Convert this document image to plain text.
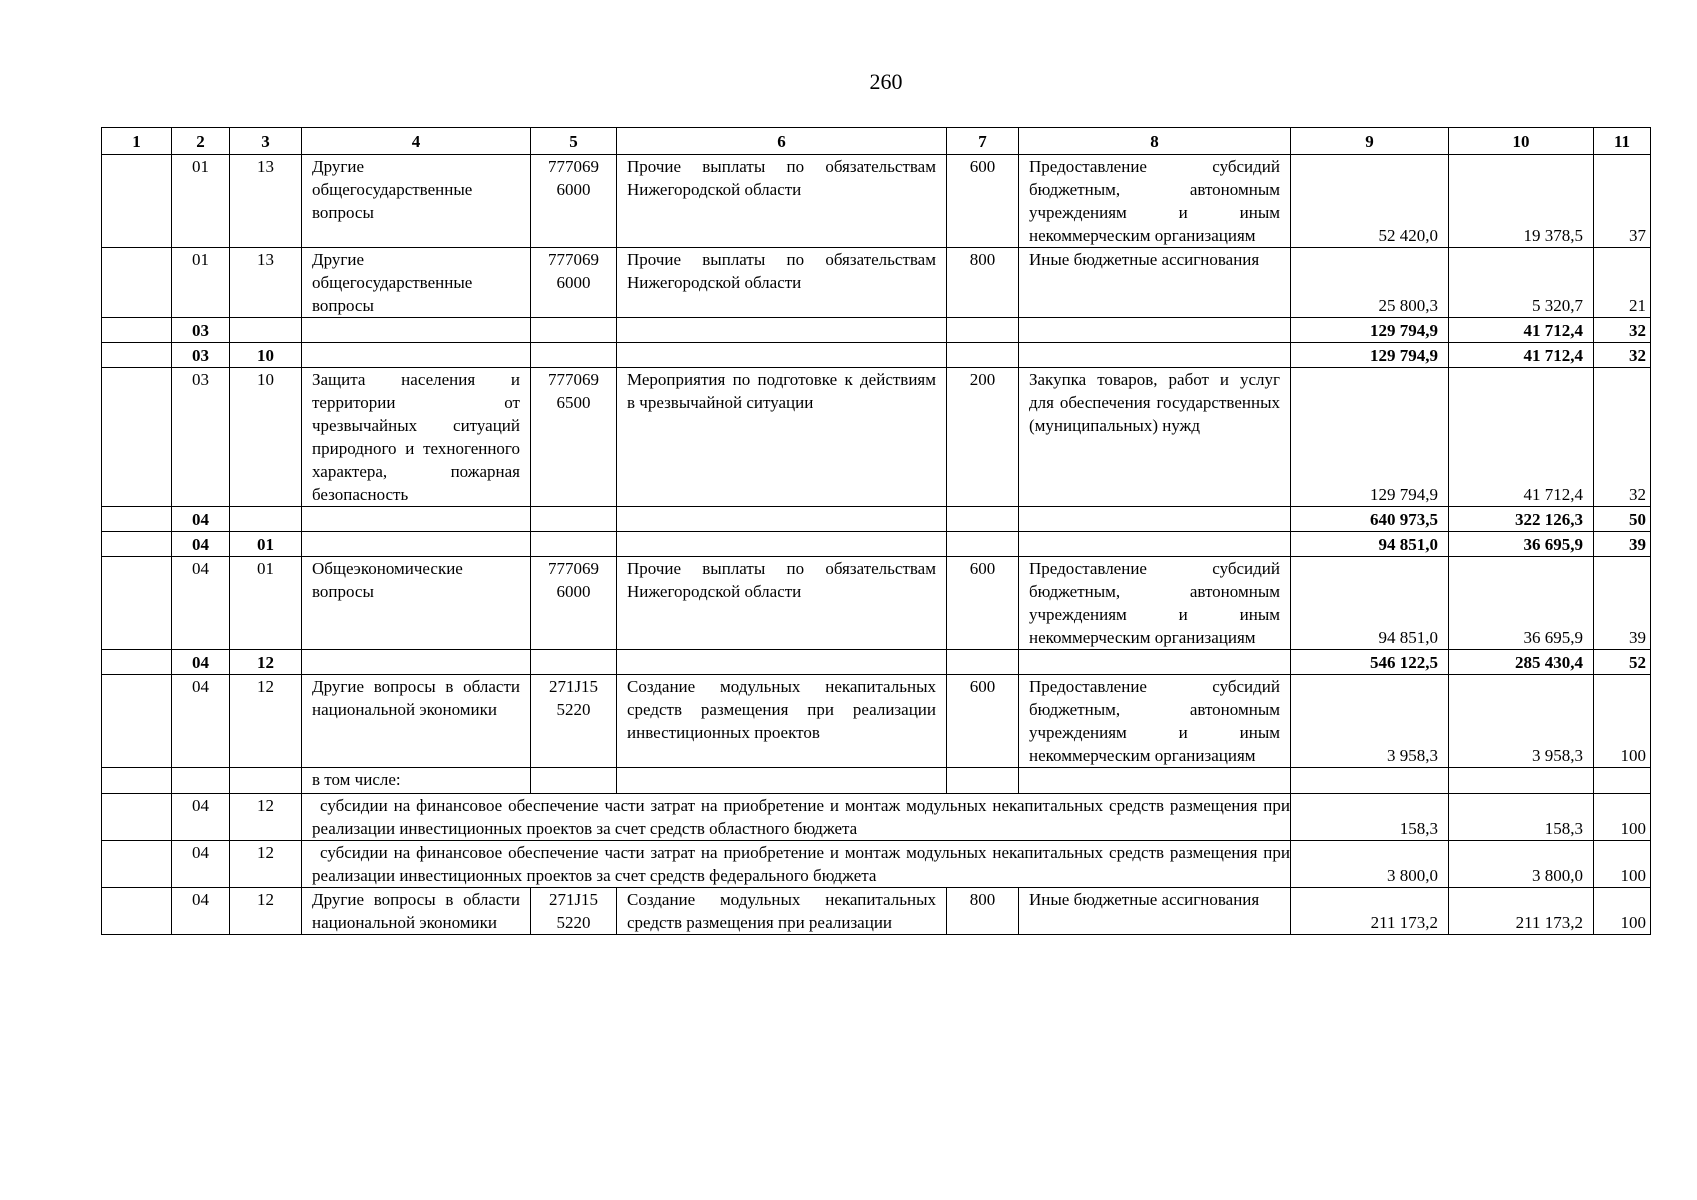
260
1	2	3	4	5	6	7	8	9	10	11
	01	13	Другие общегосударственные вопросы	777069 6000	Прочие выплаты по обязательствам Нижегородской области	600	Предоставление субсидий бюджетным, автономным учреждениям и иным некоммерческим организациям	52 420,0	19 378,5	37
	01	13	Другие общегосударственные вопросы	777069 6000	Прочие выплаты по обязательствам Нижегородской области	800	Иные бюджетные ассигнования	25 800,3	5 320,7	21
	03							129 794,9	41 712,4	32
	03	10						129 794,9	41 712,4	32
	03	10	Защита населения и территории от чрезвычайных ситуаций природного и техногенного характера, пожарная безопасность	777069 6500	Мероприятия по подготовке к действиям в чрезвычайной ситуации	200	Закупка товаров, работ и услуг для обеспечения государственных (муниципальных) нужд	129 794,9	41 712,4	32
	04							640 973,5	322 126,3	50
	04	01						94 851,0	36 695,9	39
	04	01	Общеэкономические вопросы	777069 6000	Прочие выплаты по обязательствам Нижегородской области	600	Предоставление субсидий бюджетным, автономным учреждениям и иным некоммерческим организациям	94 851,0	36 695,9	39
	04	12						546 122,5	285 430,4	52
	04	12	Другие вопросы в области национальной экономики	271J15 5220	Создание модульных некапитальных средств размещения при реализации инвестиционных проектов	600	Предоставление субсидий бюджетным, автономным учреждениям и иным некоммерческим организациям	3 958,3	3 958,3	100
			в том числе:							
	04	12	субсидии на финансовое обеспечение части затрат на приобретение и монтаж модульных некапитальных средств размещения при реализации инвестиционных проектов за счет средств областного бюджета					158,3	158,3	100
	04	12	субсидии на финансовое обеспечение части затрат на приобретение и монтаж модульных некапитальных средств размещения при реализации инвестиционных проектов за счет средств федерального бюджета					3 800,0	3 800,0	100
	04	12	Другие вопросы в области национальной экономики	271J15 5220	Создание модульных некапитальных средств размещения при реализации	800	Иные бюджетные ассигнования	211 173,2	211 173,2	100
